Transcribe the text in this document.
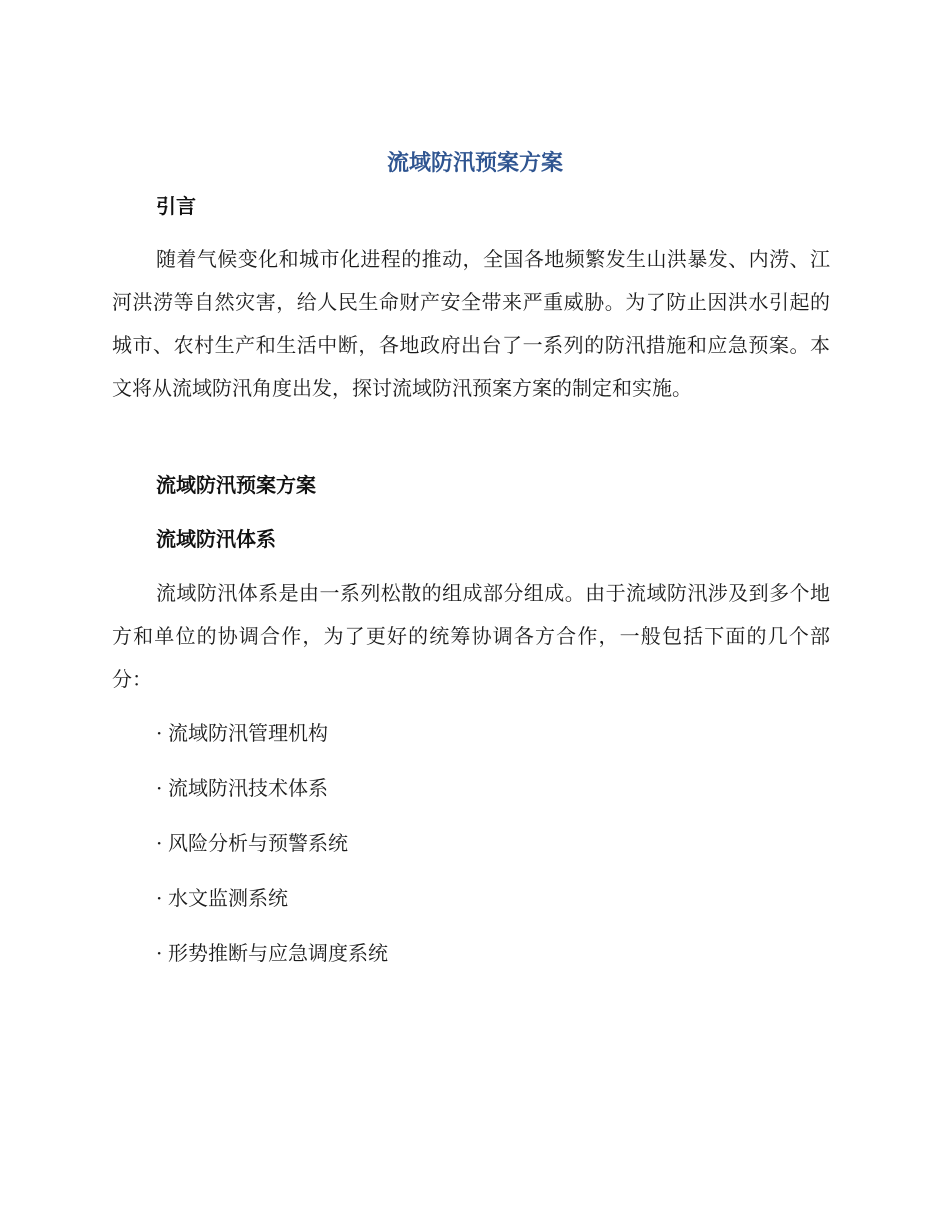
流域防汛预案方案
引言

随着气候变化和城市化进程的推动，全国各地频繁发生山洪暴发、内涝、江河洪涝等自然灾害，给人民生命财产安全带来严重威胁。为了防止因洪水引起的城市、农村生产和生活中断，各地政府出台了一系列的防汛措施和应急预案。本文将从流域防汛角度出发，探讨流域防汛预案方案的制定和实施。

流域防汛预案方案
流域防汛体系

流域防汛体系是由一系列松散的组成部分组成。由于流域防汛涉及到多个地方和单位的协调合作，为了更好的统筹协调各方合作，一般包括下面的几个部分：

· 流域防汛管理机构
· 流域防汛技术体系
· 风险分析与预警系统
· 水文监测系统
· 形势推断与应急调度系统
